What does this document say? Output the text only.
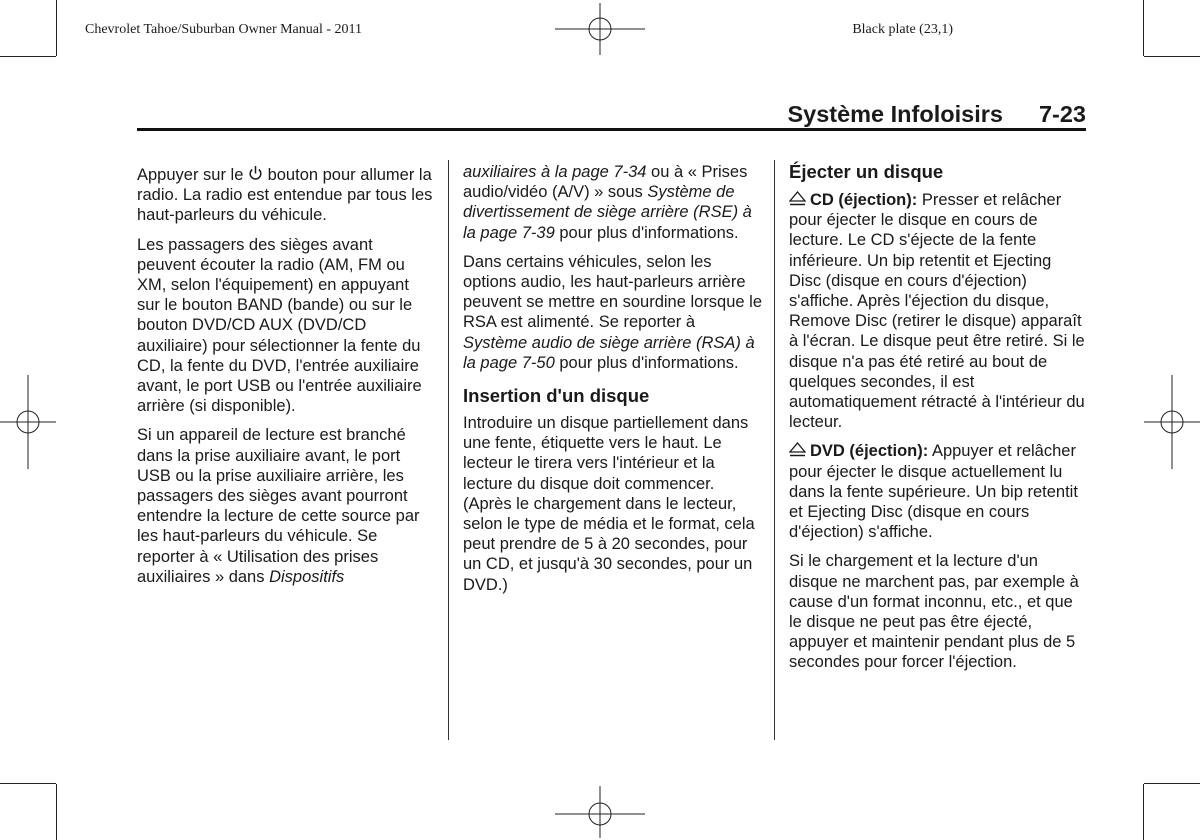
Chevrolet Tahoe/Suburban Owner Manual - 2011	Black plate (23,1)
Système Infoloisirs 7-23

Appuyer sur le bouton pour allumer la radio. La radio est entendue par tous les haut-parleurs du véhicule.

Les passagers des sièges avant peuvent écouter la radio (AM, FM ou XM, selon l'équipement) en appuyant sur le bouton BAND (bande) ou sur le bouton DVD/CD AUX (DVD/CD auxiliaire) pour sélectionner la fente du CD, la fente du DVD, l'entrée auxiliaire avant, le port USB ou l'entrée auxiliaire arrière (si disponible).

Si un appareil de lecture est branché dans la prise auxiliaire avant, le port USB ou la prise auxiliaire arrière, les passagers des sièges avant pourront entendre la lecture de cette source par les haut-parleurs du véhicule. Se reporter à « Utilisation des prises auxiliaires » dans Dispositifs

auxiliaires à la page 7-34 ou à « Prises audio/vidéo (A/V) » sous Système de divertissement de siège arrière (RSE) à la page 7-39 pour plus d'informations.

Dans certains véhicules, selon les options audio, les haut-parleurs arrière peuvent se mettre en sourdine lorsque le RSA est alimenté. Se reporter à Système audio de siège arrière (RSA) à la page 7-50 pour plus d'informations.

Insertion d'un disque

Introduire un disque partiellement dans une fente, étiquette vers le haut. Le lecteur le tirera vers l'intérieur et la lecture du disque doit commencer. (Après le chargement dans le lecteur, selon le type de média et le format, cela peut prendre de 5 à 20 secondes, pour un CD, et jusqu'à 30 secondes, pour un DVD.)

Éjecter un disque

CD (éjection): Presser et relâcher pour éjecter le disque en cours de lecture. Le CD s'éjecte de la fente inférieure. Un bip retentit et Ejecting Disc (disque en cours d'éjection) s'affiche. Après l'éjection du disque, Remove Disc (retirer le disque) apparaît à l'écran. Le disque peut être retiré. Si le disque n'a pas été retiré au bout de quelques secondes, il est automatiquement rétracté à l'intérieur du lecteur.

DVD (éjection): Appuyer et relâcher pour éjecter le disque actuellement lu dans la fente supérieure. Un bip retentit et Ejecting Disc (disque en cours d'éjection) s'affiche.

Si le chargement et la lecture d'un disque ne marchent pas, par exemple à cause d'un format inconnu, etc., et que le disque ne peut pas être éjecté, appuyer et maintenir pendant plus de 5 secondes pour forcer l'éjection.
